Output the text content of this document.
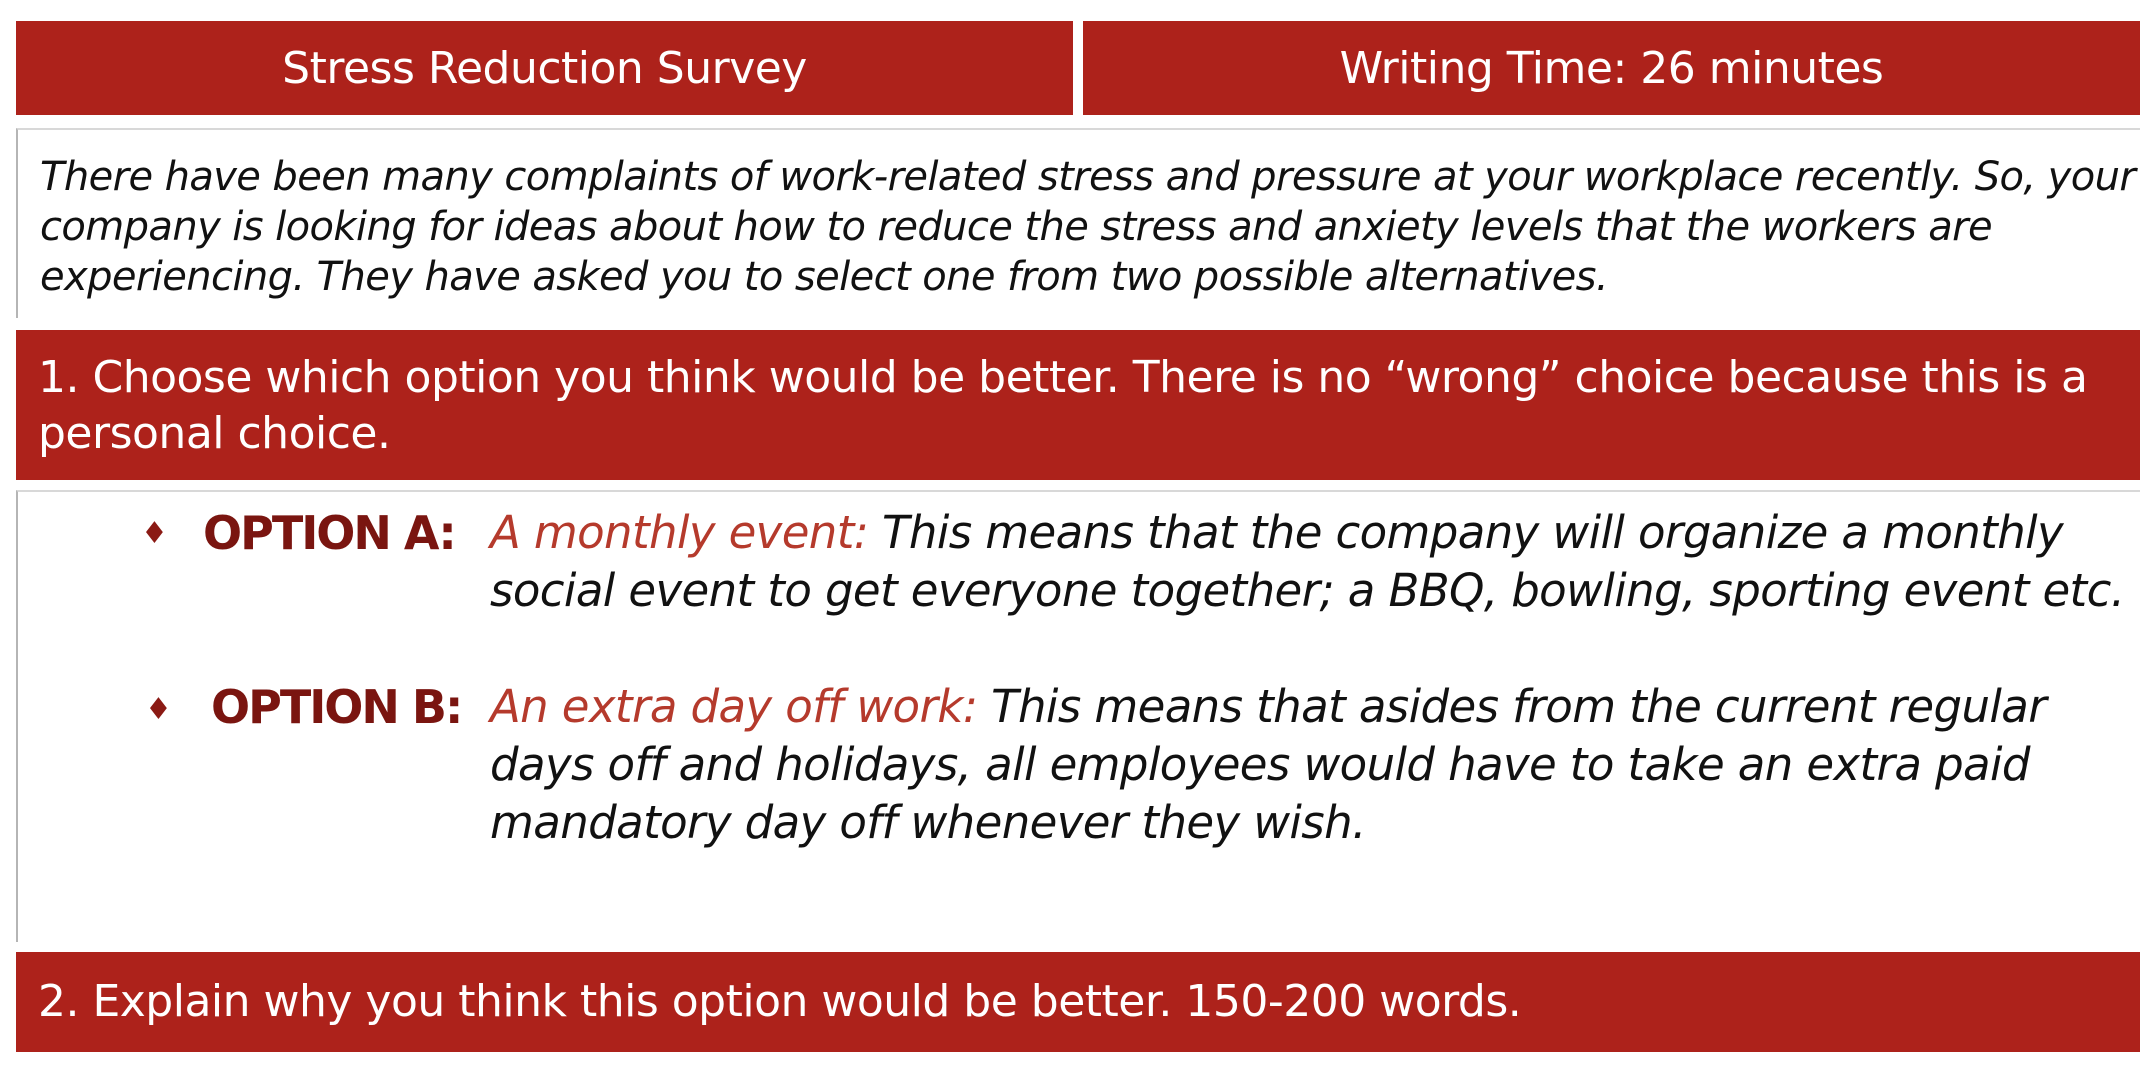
Stress Reduction Survey	Writing Time: 26 minutes
There have been many complaints of work-related stress and pressure at your workplace recently. So, your company is looking for ideas about how to reduce the stress and anxiety levels that the workers are experiencing. They have asked you to select one from two possible alternatives.
1. Choose which option you think would be better. There is no “wrong” choice because this is a personal choice.
♦ OPTION A: A monthly event: This means that the company will organize a monthly social event to get everyone together; a BBQ, bowling, sporting event etc.
♦ OPTION B: An extra day off work: This means that asides from the current regular days off and holidays, all employees would have to take an extra paid mandatory day off whenever they wish.
2. Explain why you think this option would be better. 150-200 words.
